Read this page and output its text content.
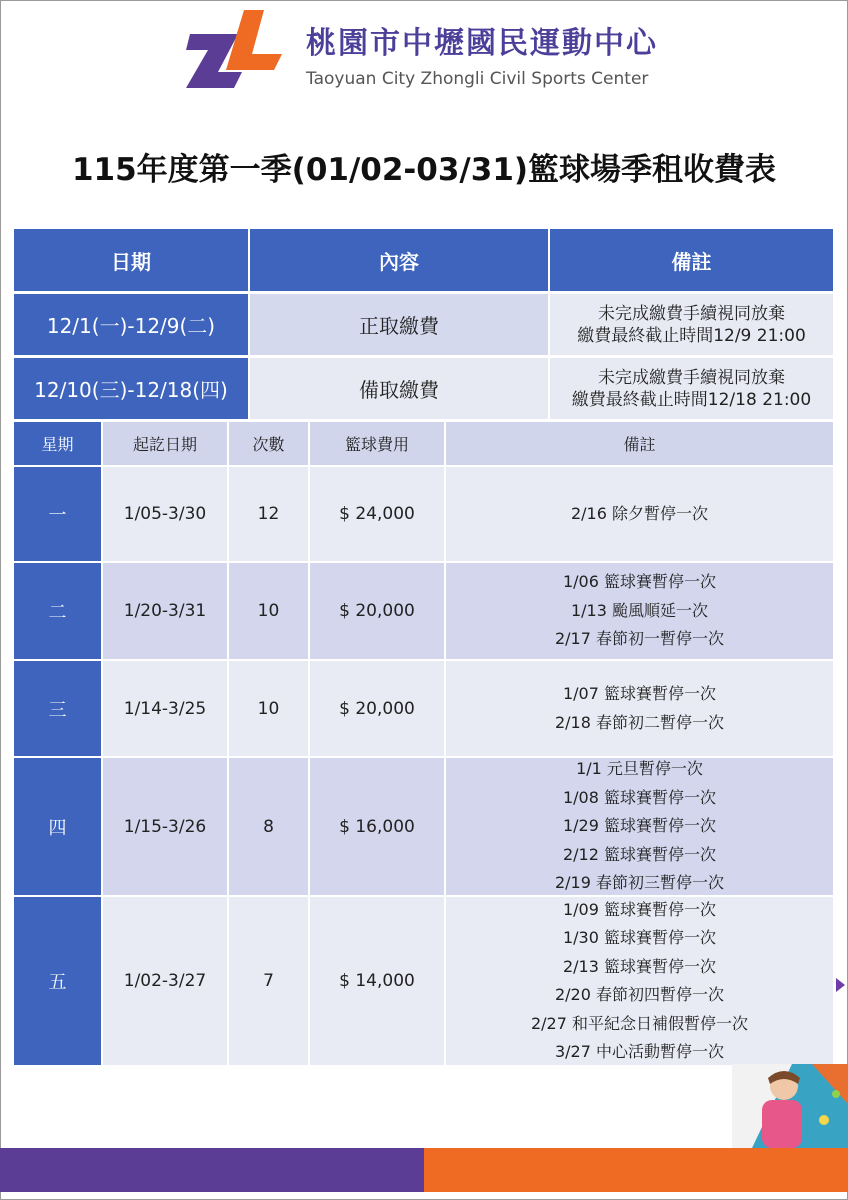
桃園市中壢國民運動中心
Taoyuan City Zhongli Civil Sports Center
115年度第一季(01/02-03/31)籃球場季租收費表
日期	內容	備註
12/1(一)-12/9(二)	正取繳費
未完成繳費手續視同放棄
繳費最終截止時間12/9 21:00
12/10(三)-12/18(四)	備取繳費
未完成繳費手續視同放棄
繳費最終截止時間12/18 21:00
星期	起訖日期	次數	籃球費用	備註
一	1/05-3/30	12	$ 24,000	2/16 除夕暫停一次
二	1/20-3/31	10	$ 20,000
1/06 籃球賽暫停一次
1/13 颱風順延一次
2/17 春節初一暫停一次
三	1/14-3/25	10	$ 20,000
1/07 籃球賽暫停一次
2/18 春節初二暫停一次
四	1/15-3/26	8	$ 16,000
1/1 元旦暫停一次
1/08 籃球賽暫停一次
1/29 籃球賽暫停一次
2/12 籃球賽暫停一次
2/19 春節初三暫停一次
五	1/02-3/27	7	$ 14,000
1/09 籃球賽暫停一次
1/30 籃球賽暫停一次
2/13 籃球賽暫停一次
2/20 春節初四暫停一次
2/27 和平紀念日補假暫停一次
3/27 中心活動暫停一次
